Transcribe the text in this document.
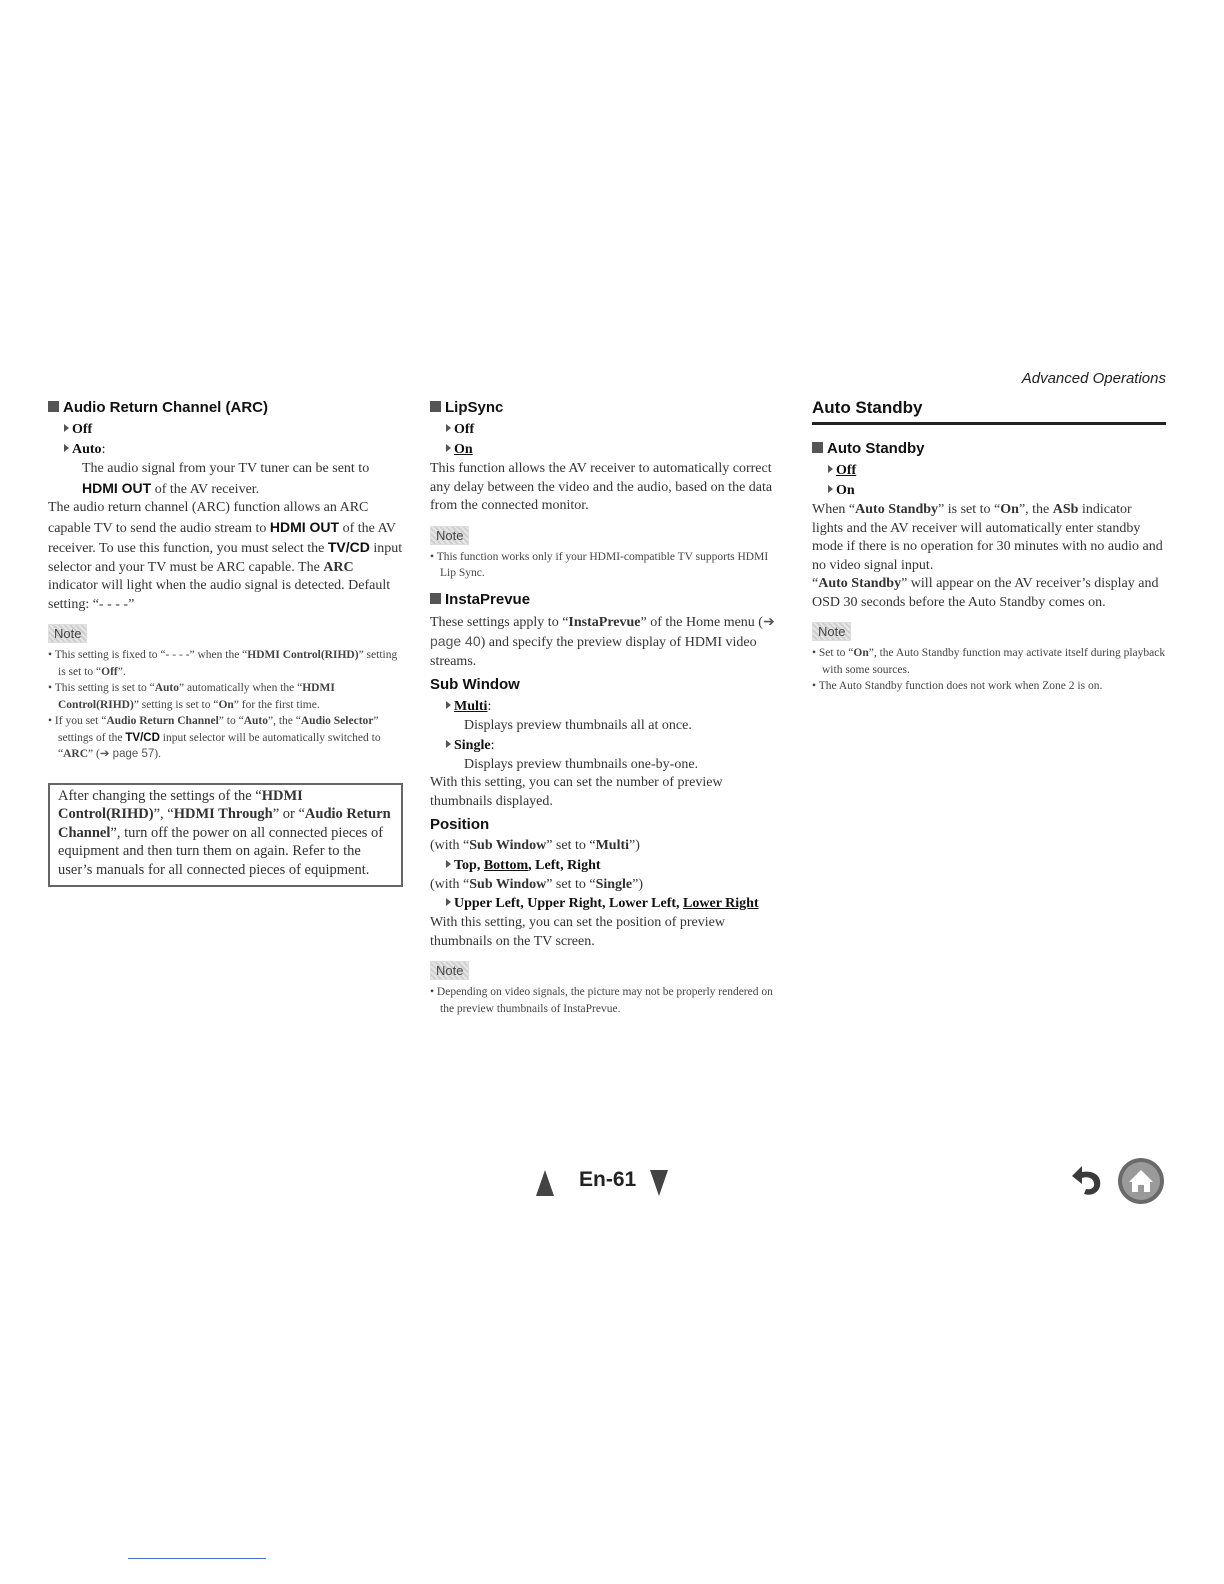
Advanced Operations
Audio Return Channel (ARC)
Off
Auto:
The audio signal from your TV tuner can be sent to HDMI OUT of the AV receiver.

The audio return channel (ARC) function allows an ARC capable TV to send the audio stream to HDMI OUT of the AV receiver. To use this function, you must select the TV/CD input selector and your TV must be ARC capable. The ARC indicator will light when the audio signal is detected. Default setting: “- - - -”

Note
• This setting is fixed to “- - - -” when the “HDMI Control(RIHD)” setting is set to “Off”.
• This setting is set to “Auto” automatically when the “HDMI Control(RIHD)” setting is set to “On” for the first time.
• If you set “Audio Return Channel” to “Auto”, the “Audio Selector” settings of the TV/CD input selector will be automatically switched to “ARC” (➔ page 57).

After changing the settings of the “HDMI Control(RIHD)”, “HDMI Through” or “Audio Return Channel”, turn off the power on all connected pieces of equipment and then turn them on again. Refer to the user’s manuals for all connected pieces of equipment.

LipSync
Off
On

This function allows the AV receiver to automatically correct any delay between the video and the audio, based on the data from the connected monitor.

Note
• This function works only if your HDMI-compatible TV supports HDMI Lip Sync.
InstaPrevue

These settings apply to “InstaPrevue” of the Home menu (➔ page 40) and specify the preview display of HDMI video streams.

Sub Window
Multi:
Displays preview thumbnails all at once.
Single:
Displays preview thumbnails one-by-one.

With this setting, you can set the number of preview thumbnails displayed.

Position

(with “Sub Window” set to “Multi”)

Top, Bottom, Left, Right

(with “Sub Window” set to “Single”)

Upper Left, Upper Right, Lower Left, Lower Right

With this setting, you can set the position of preview thumbnails on the TV screen.

Note
• Depending on video signals, the picture may not be properly rendered on the preview thumbnails of InstaPrevue.
Auto Standby
Auto Standby
Off
On

When “Auto Standby” is set to “On”, the ASb indicator lights and the AV receiver will automatically enter standby mode if there is no operation for 30 minutes with no audio and no video signal input.

“Auto Standby” will appear on the AV receiver’s display and OSD 30 seconds before the Auto Standby comes on.

Note
• Set to “On”, the Auto Standby function may activate itself during playback with some sources.
• The Auto Standby function does not work when Zone 2 is on.
En-61
